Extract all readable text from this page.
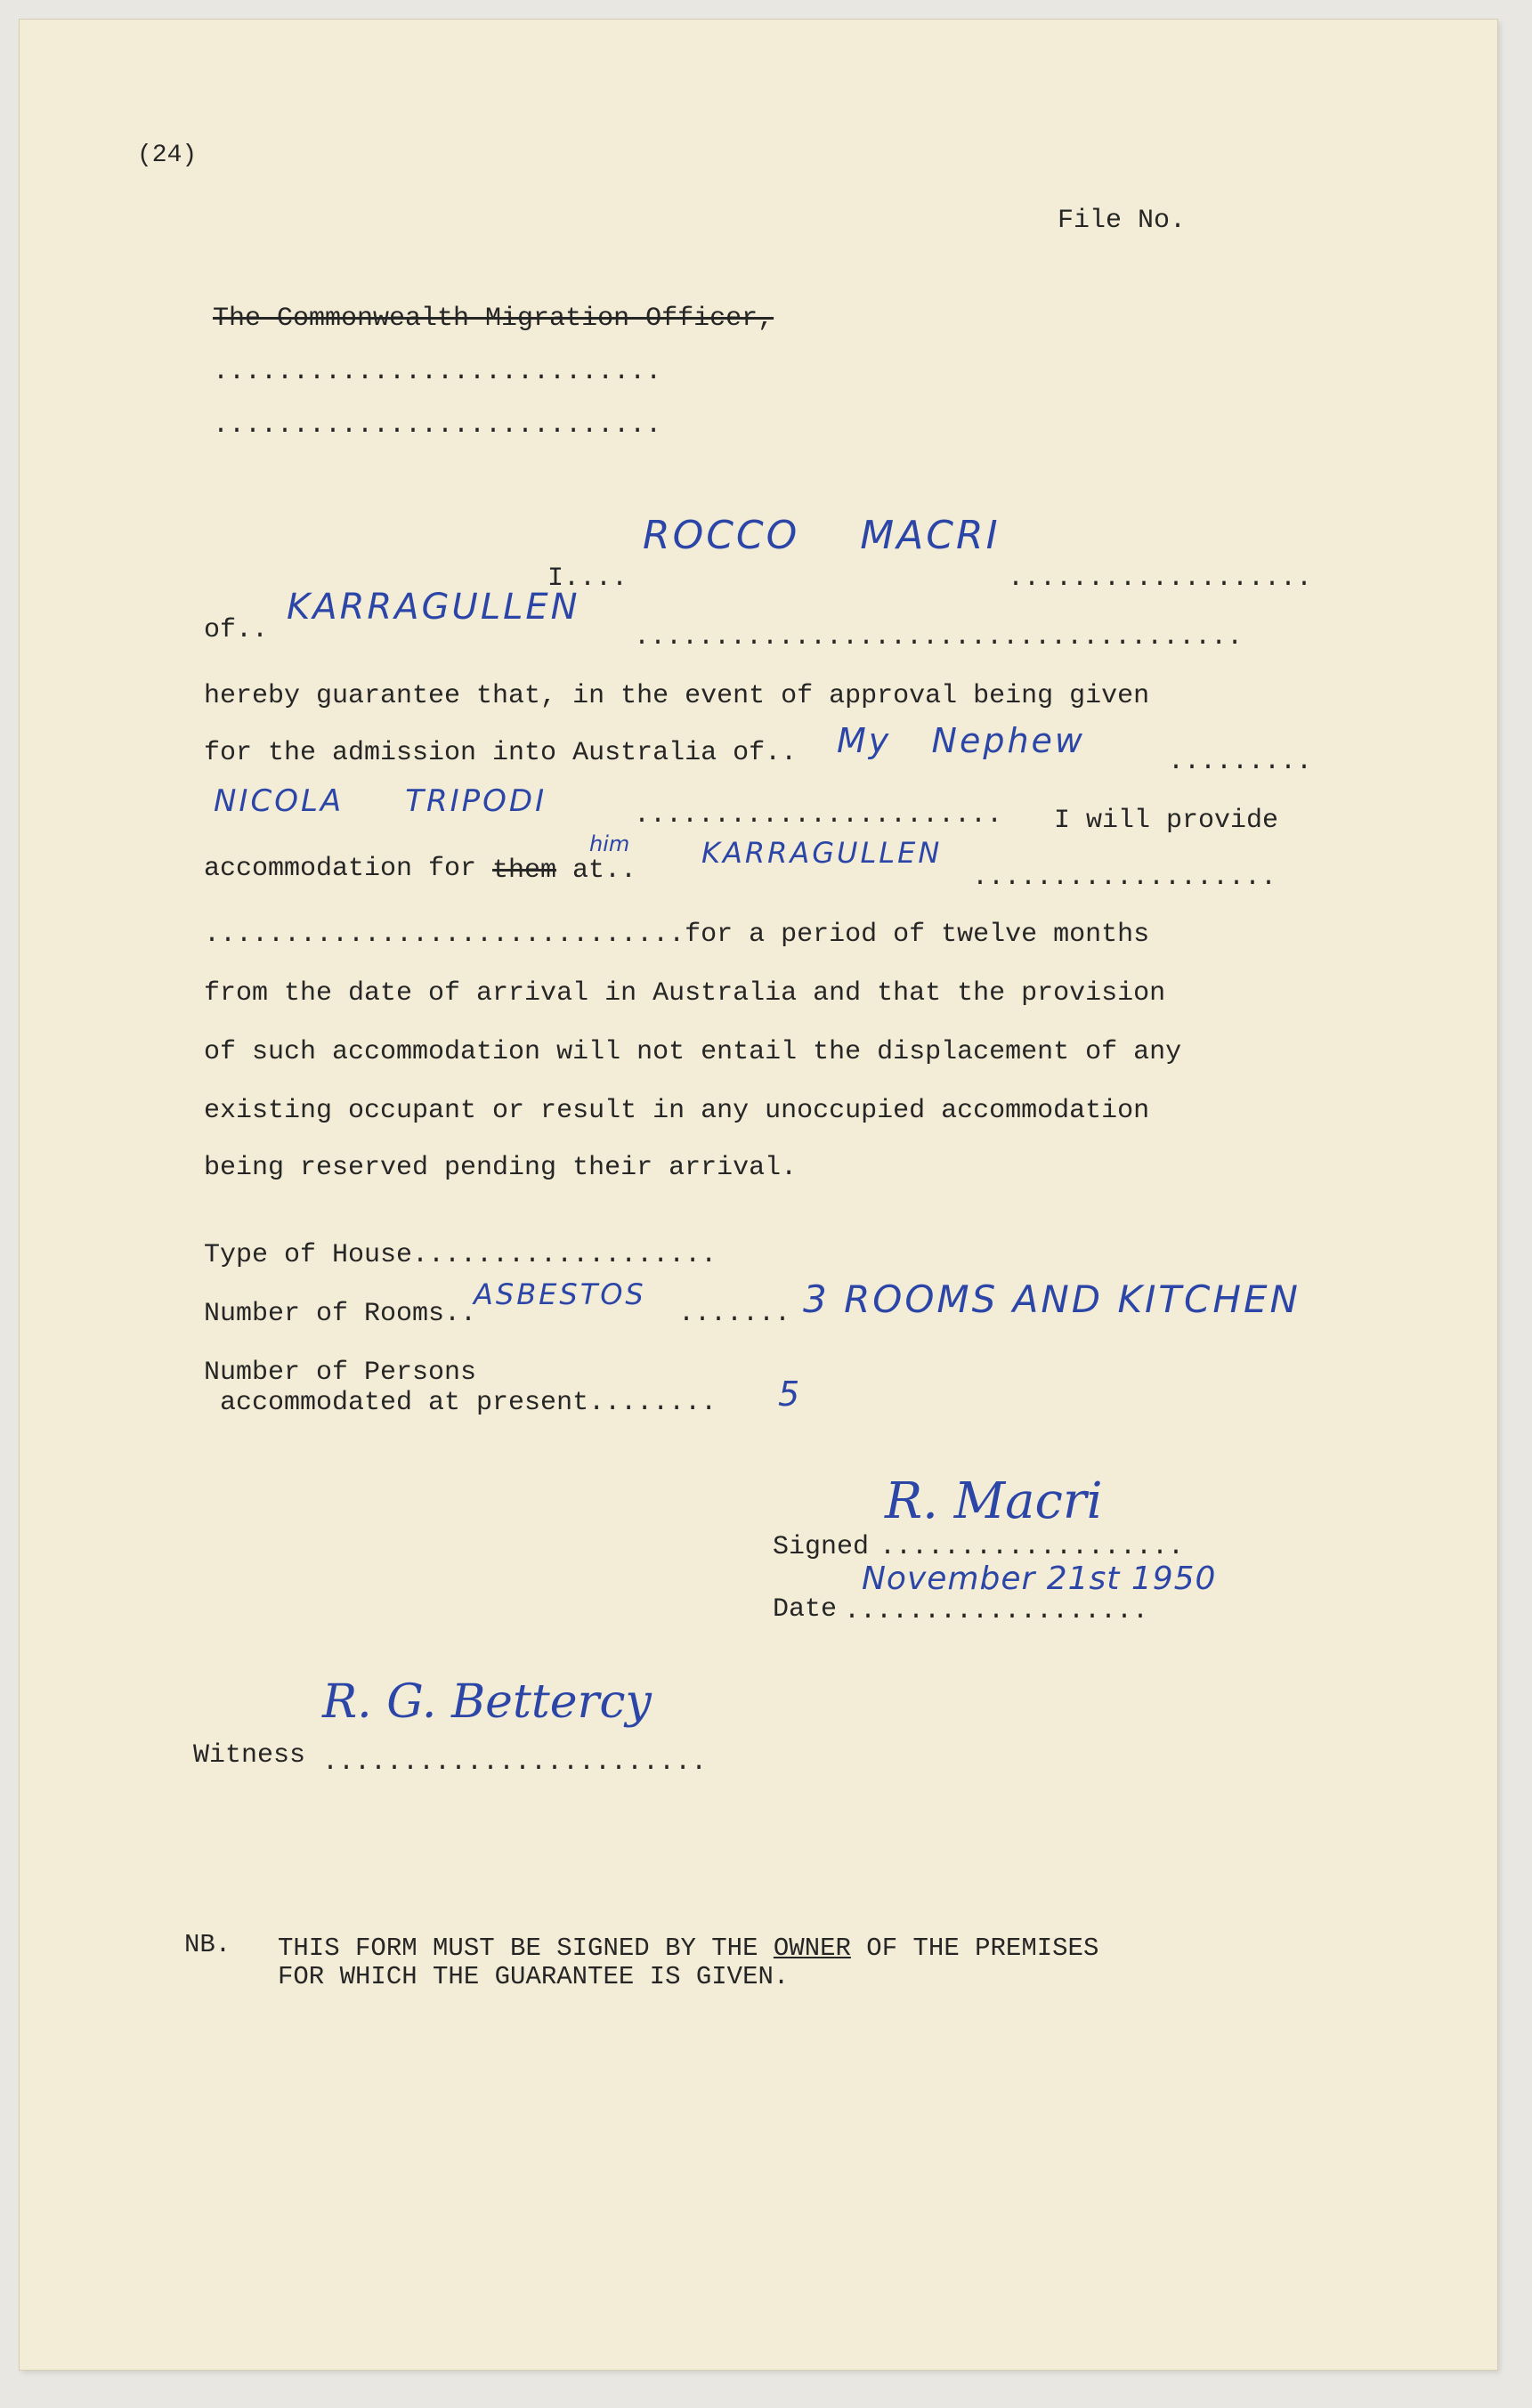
(24)
File No.
The Commonwealth Migration Officer,
............................
............................
I....
ROCCO    MACRI
...................
of..
KARRAGULLEN
......................................
hereby guarantee that, in the event of approval being given
for the admission into Australia of.. My   Nephew
.........
NICOLA     TRIPODI	....................... I will provide
accommodation for them
him
at..
KARRAGULLEN
...................
..............................for a period of twelve months
from the date of arrival in Australia and that the provision
of such accommodation will not entail the displacement of any
existing occupant or result in any unoccupied accommodation
being reserved pending their arrival.
Type of House...................
Number of Rooms..
ASBESTOS
....... 3 ROOMS AND KITCHEN
Number of Persons
accommodated at present........ 5
Signed ...................
R. Macri
Date ...................
November 21st 1950
Witness ........................
R. G. Bettercy
NB. THIS FORM MUST BE SIGNED BY THE OWNER OF THE PREMISES
FOR WHICH THE GUARANTEE IS GIVEN.
